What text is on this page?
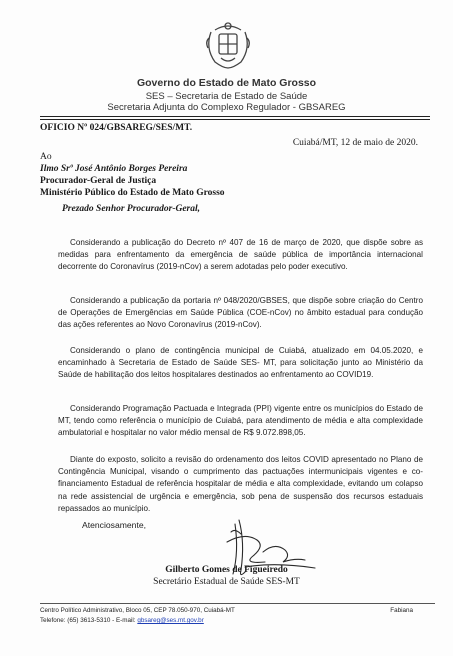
Governo do Estado de Mato Grosso
SES – Secretaria de Estado de Saúde
Secretaria Adjunta do Complexo Regulador - GBSAREG
OFICIO Nº 024/GBSAREG/SES/MT.
Cuiabá/MT, 12 de maio de 2020.
Ao
Ilmo Srº José Antônio Borges Pereira
Procurador-Geral de Justiça
Ministério Público do Estado de Mato Grosso
Prezado Senhor Procurador-Geral,
Considerando a publicação do Decreto nº 407 de 16 de março de 2020, que dispõe sobre as medidas para enfrentamento da emergência de saúde pública de importância internacional decorrente do Coronavírus (2019-nCov) a serem adotadas pelo poder executivo.
Considerando a publicação da portaria nº 048/2020/GBSES, que dispõe sobre criação do Centro de Operações de Emergências em Saúde Pública (COE-nCov) no âmbito estadual para condução das ações referentes ao Novo Coronavírus (2019-nCov).
Considerando o plano de contingência municipal de Cuiabá, atualizado em 04.05.2020, e encaminhado à Secretaria de Estado de Saúde SES- MT, para solicitação junto ao Ministério da Saúde de habilitação dos leitos hospitalares destinados ao enfrentamento ao COVID19.
Considerando Programação Pactuada e Integrada (PPI) vigente entre os municípios do Estado de MT, tendo como referência o município de Cuiabá, para atendimento de média e alta complexidade ambulatorial e hospitalar no valor médio mensal de R$ 9.072.898,05.
Diante do exposto, solicito a revisão do ordenamento dos leitos COVID apresentado no Plano de Contingência Municipal, visando o cumprimento das pactuações intermunicipais vigentes e co-financiamento Estadual de referência hospitalar de média e alta complexidade, evitando um colapso na rede assistencial de urgência e emergência, sob pena de suspensão dos recursos estaduais repassados ao município.
Atenciosamente,
Gilberto Gomes de Figueiredo
Secretário Estadual de Saúde SES-MT
Centro Político Administrativo, Bloco 05, CEP 78.050-970, Cuiabá-MT
Telefone: (65) 3613-5310 - E-mail: gbsareg@ses.mt.gov.br
Fabiana
